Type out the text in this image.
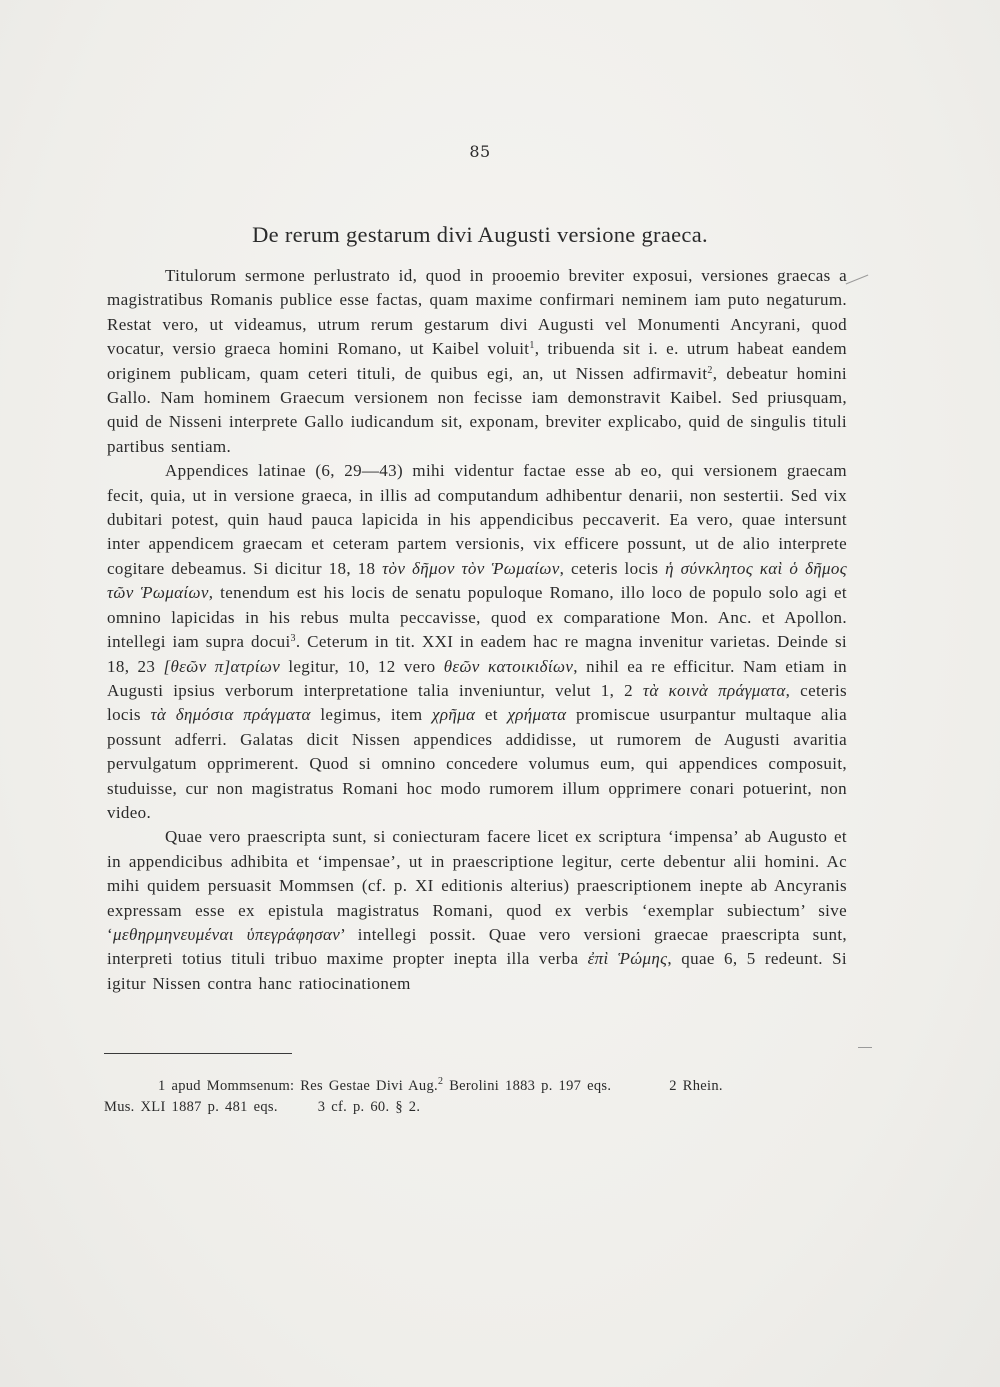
85
De rerum gestarum divi Augusti versione graeca.

Titulorum sermone perlustrato id, quod in prooemio breviter exposui, versiones graecas a magistratibus Romanis publice esse factas, quam maxime confirmari neminem iam puto negaturum. Restat vero, ut videamus, utrum rerum gestarum divi Augusti vel Monumenti Ancyrani, quod vocatur, versio graeca homini Romano, ut Kaibel voluit$^1$, tribuenda sit i. e. utrum habeat eandem originem publicam, quam ceteri tituli, de quibus egi, an, ut Nissen adfirmavit$^2$, debeatur homini Gallo. Nam hominem Graecum versionem non fecisse iam demonstravit Kaibel. Sed priusquam, quid de Nisseni interprete Gallo iudicandum sit, exponam, breviter explicabo, quid de singulis tituli partibus sentiam.

Appendices latinae (6, 29—43) mihi videntur factae esse ab eo, qui versionem graecam fecit, quia, ut in versione graeca, in illis ad computandum adhibentur denarii, non sestertii. Sed vix dubitari potest, quin haud pauca lapicida in his appendicibus peccaverit. Ea vero, quae intersunt inter appendicem graecam et ceteram partem versionis, vix efficere possunt, ut de alio interprete cogitare debeamus. Si dicitur 18, 18 τὸν δῆμον τὸν Ῥωμαίων, ceteris locis ἡ σύνκλητος καὶ ὁ δῆμος τῶν Ῥωμαίων, tenendum est his locis de senatu populoque Romano, illo loco de populo solo agi et omnino lapicidas in his rebus multa peccavisse, quod ex comparatione Mon. Anc. et Apollon. intellegi iam supra docui$^3$. Ceterum in tit. XXI in eadem hac re magna invenitur varietas. Deinde si 18, 23 [θεῶν π]ατρίων legitur, 10, 12 vero θεῶν κατοικιδίων, nihil ea re efficitur. Nam etiam in Augusti ipsius verborum interpretatione talia inveniuntur, velut 1, 2 τὰ κοινὰ πράγματα, ceteris locis τὰ δημόσια πράγματα legimus, item χρῆμα et χρήματα promiscue usurpantur multaque alia possunt adferri. Galatas dicit Nissen appendices addidisse, ut rumorem de Augusti avaritia pervulgatum opprimerent. Quod si omnino concedere volumus eum, qui appendices composuit, studuisse, cur non magistratus Romani hoc modo rumorem illum opprimere conari potuerint, non video.

Quae vero praescripta sunt, si coniecturam facere licet ex scriptura ‘impensa’ ab Augusto et in appendicibus adhibita et ‘impensae’, ut in praescriptione legitur, certe debentur alii homini. Ac mihi quidem persuasit Mommsen (cf. p. XI editionis alterius) praescriptionem inepte ab Ancyranis expressam esse ex epistula magistratus Romani, quod ex verbis ‘exemplar subiectum’ sive ‘μεθηρμηνευμέναι ὑπεγράφησαν’ intellegi possit. Quae vero versioni graecae praescripta sunt, interpreti totius tituli tribuo maxime propter inepta illa verba ἐπὶ Ῥώμης, quae 6, 5 redeunt. Si igitur Nissen contra hanc ratiocinationem

1 apud Mommsenum: Res Gestae Divi Aug.$^2$ Berolini 1883 p. 197 eqs.	2 Rhein.
Mus. XLI 1887 p. 481 eqs.	3 cf. p. 60. § 2.
